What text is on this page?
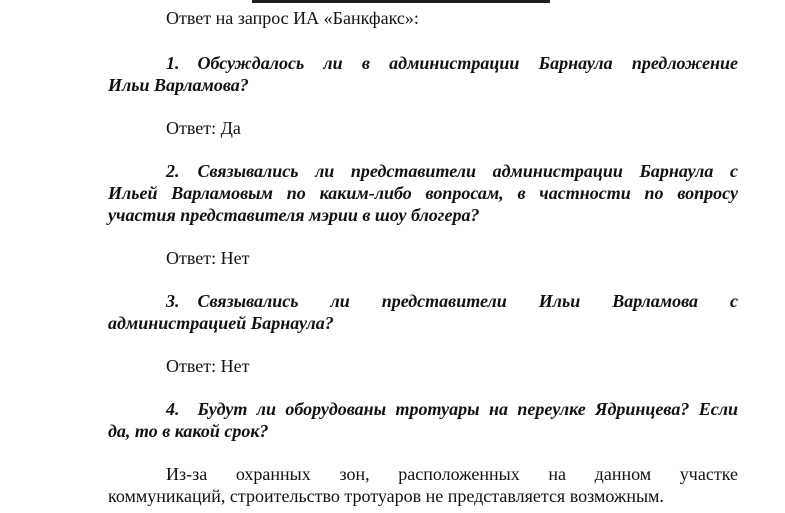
Ответ на запрос ИА «Банкфакс»:
1. Обсуждалось ли в администрации Барнаула предложение
Ильи Варламова?
Ответ: Да
2. Связывались ли представители администрации Барнаула с
Ильей Варламовым по каким-либо вопросам, в частности по вопросу
участия представителя мэрии в шоу блогера?
Ответ: Нет
3. Связывались ли представители Ильи Варламова с
администрацией Барнаула?
Ответ: Нет
4. Будут ли оборудованы тротуары на переулке Ядринцева? Если
да, то в какой срок?
Из-за охранных зон, расположенных на данном участке
коммуникаций, строительство тротуаров не представляется возможным.
